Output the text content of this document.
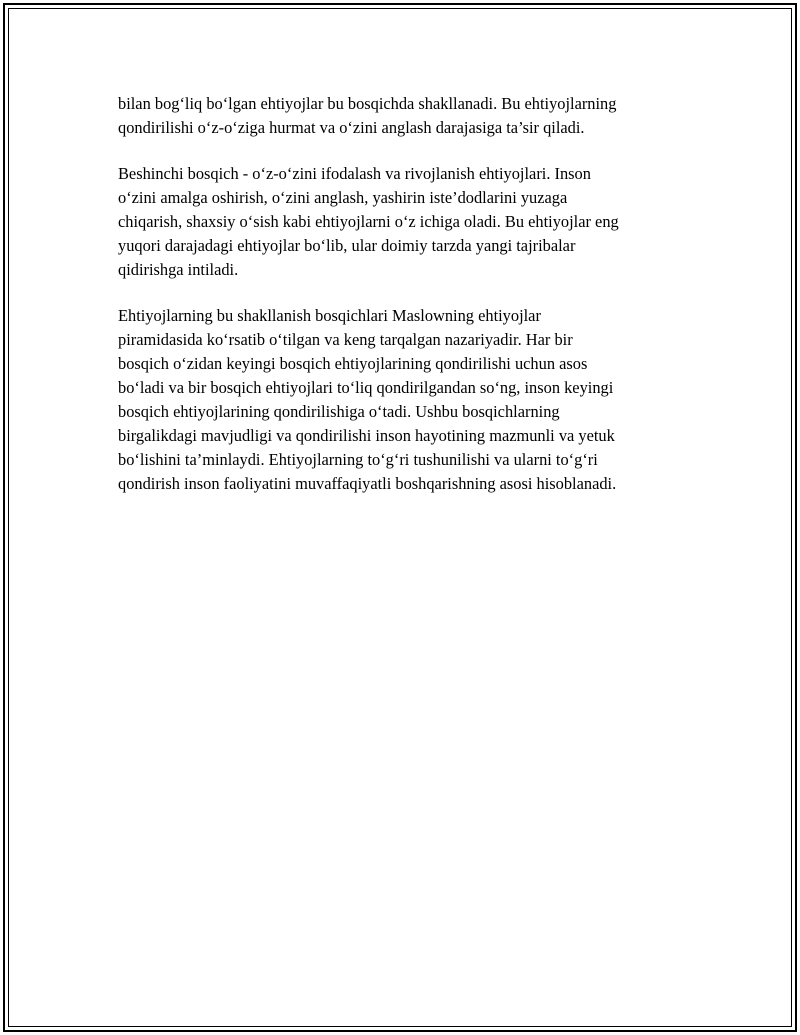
bilan bog‘liq bo‘lgan ehtiyojlar bu bosqichda shakllanadi. Bu ehtiyojlarning
qondirilishi o‘z-o‘ziga hurmat va o‘zini anglash darajasiga ta’sir qiladi.

Beshinchi bosqich - o‘z-o‘zini ifodalash va rivojlanish ehtiyojlari. Inson
o‘zini amalga oshirish, o‘zini anglash, yashirin iste’dodlarini yuzaga
chiqarish, shaxsiy o‘sish kabi ehtiyojlarni o‘z ichiga oladi. Bu ehtiyojlar eng
yuqori darajadagi ehtiyojlar bo‘lib, ular doimiy tarzda yangi tajribalar
qidirishga intiladi.

Ehtiyojlarning bu shakllanish bosqichlari Maslowning ehtiyojlar
piramidasida ko‘rsatib o‘tilgan va keng tarqalgan nazariyadir. Har bir
bosqich o‘zidan keyingi bosqich ehtiyojlarining qondirilishi uchun asos
bo‘ladi va bir bosqich ehtiyojlari to‘liq qondirilgandan so‘ng, inson keyingi
bosqich ehtiyojlarining qondirilishiga o‘tadi. Ushbu bosqichlarning
birgalikdagi mavjudligi va qondirilishi inson hayotining mazmunli va yetuk
bo‘lishini ta’minlaydi. Ehtiyojlarning to‘g‘ri tushunilishi va ularni to‘g‘ri
qondirish inson faoliyatini muvaffaqiyatli boshqarishning asosi hisoblanadi.
